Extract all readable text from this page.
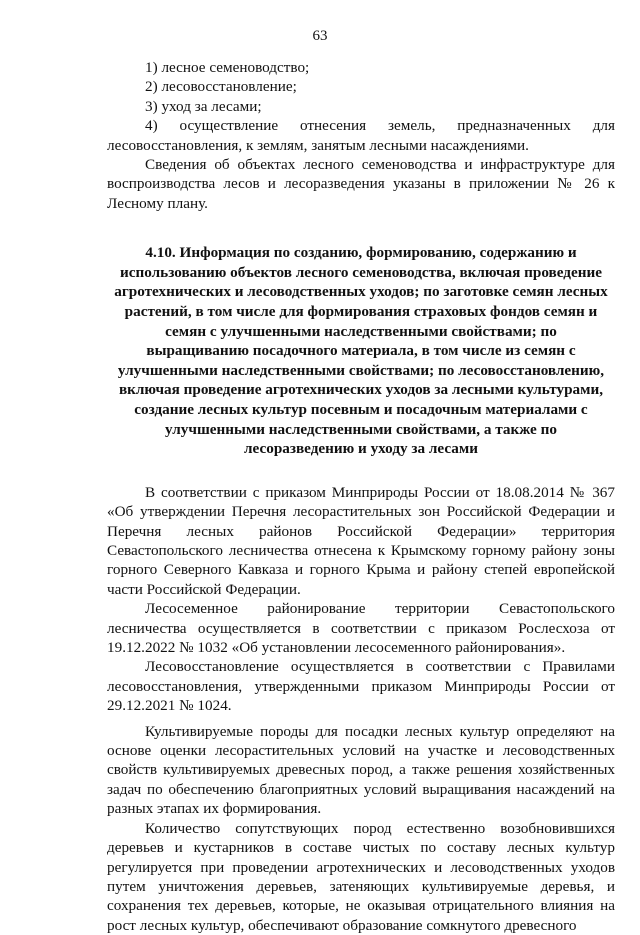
63

1) лесное семеноводство;

2) лесовосстановление;

3) уход за лесами;

4) осуществление отнесения земель, предназначенных для лесовосстановления, к землям, занятым лесными насаждениями.

Сведения об объектах лесного семеноводства и инфраструктуре для воспроизводства лесов и лесоразведения указаны в приложении № 26 к Лесному плану.

4.10. Информация по созданию, формированию, содержанию и использованию объектов лесного семеноводства, включая проведение агротехнических и лесоводственных уходов; по заготовке семян лесных растений, в том числе для формирования страховых фондов семян и семян с улучшенными наследственными свойствами; по выращиванию посадочного материала, в том числе из семян с улучшенными наследственными свойствами; по лесовосстановлению, включая проведение агротехнических уходов за лесными культурами, создание лесных культур посевным и посадочным материалами с улучшенными наследственными свойствами, а также по лесоразведению и уходу за лесами

В соответствии с приказом Минприроды России от 18.08.2014 № 367 «Об утверждении Перечня лесорастительных зон Российской Федерации и Перечня лесных районов Российской Федерации» территория Севастопольского лесничества отнесена к Крымскому горному району зоны горного Северного Кавказа и горного Крыма и району степей европейской части Российской Федерации.

Лесосеменное районирование территории Севастопольского лесничества осуществляется в соответствии с приказом Рослесхоза от 19.12.2022 № 1032 «Об установлении лесосеменного районирования».

Лесовосстановление осуществляется в соответствии с Правилами лесовосстановления, утвержденными приказом Минприроды России от 29.12.2021 № 1024.

Культивируемые породы для посадки лесных культур определяют на основе оценки лесорастительных условий на участке и лесоводственных свойств культивируемых древесных пород, а также решения хозяйственных задач по обеспечению благоприятных условий выращивания насаждений на разных этапах их формирования.

Количество сопутствующих пород естественно возобновившихся деревьев и кустарников в составе чистых по составу лесных культур регулируется при проведении агротехнических и лесоводственных уходов путем уничтожения деревьев, затеняющих культивируемые деревья, и сохранения тех деревьев, которые, не оказывая отрицательного влияния на рост лесных культур, обеспечивают образование сомкнутого древесного
